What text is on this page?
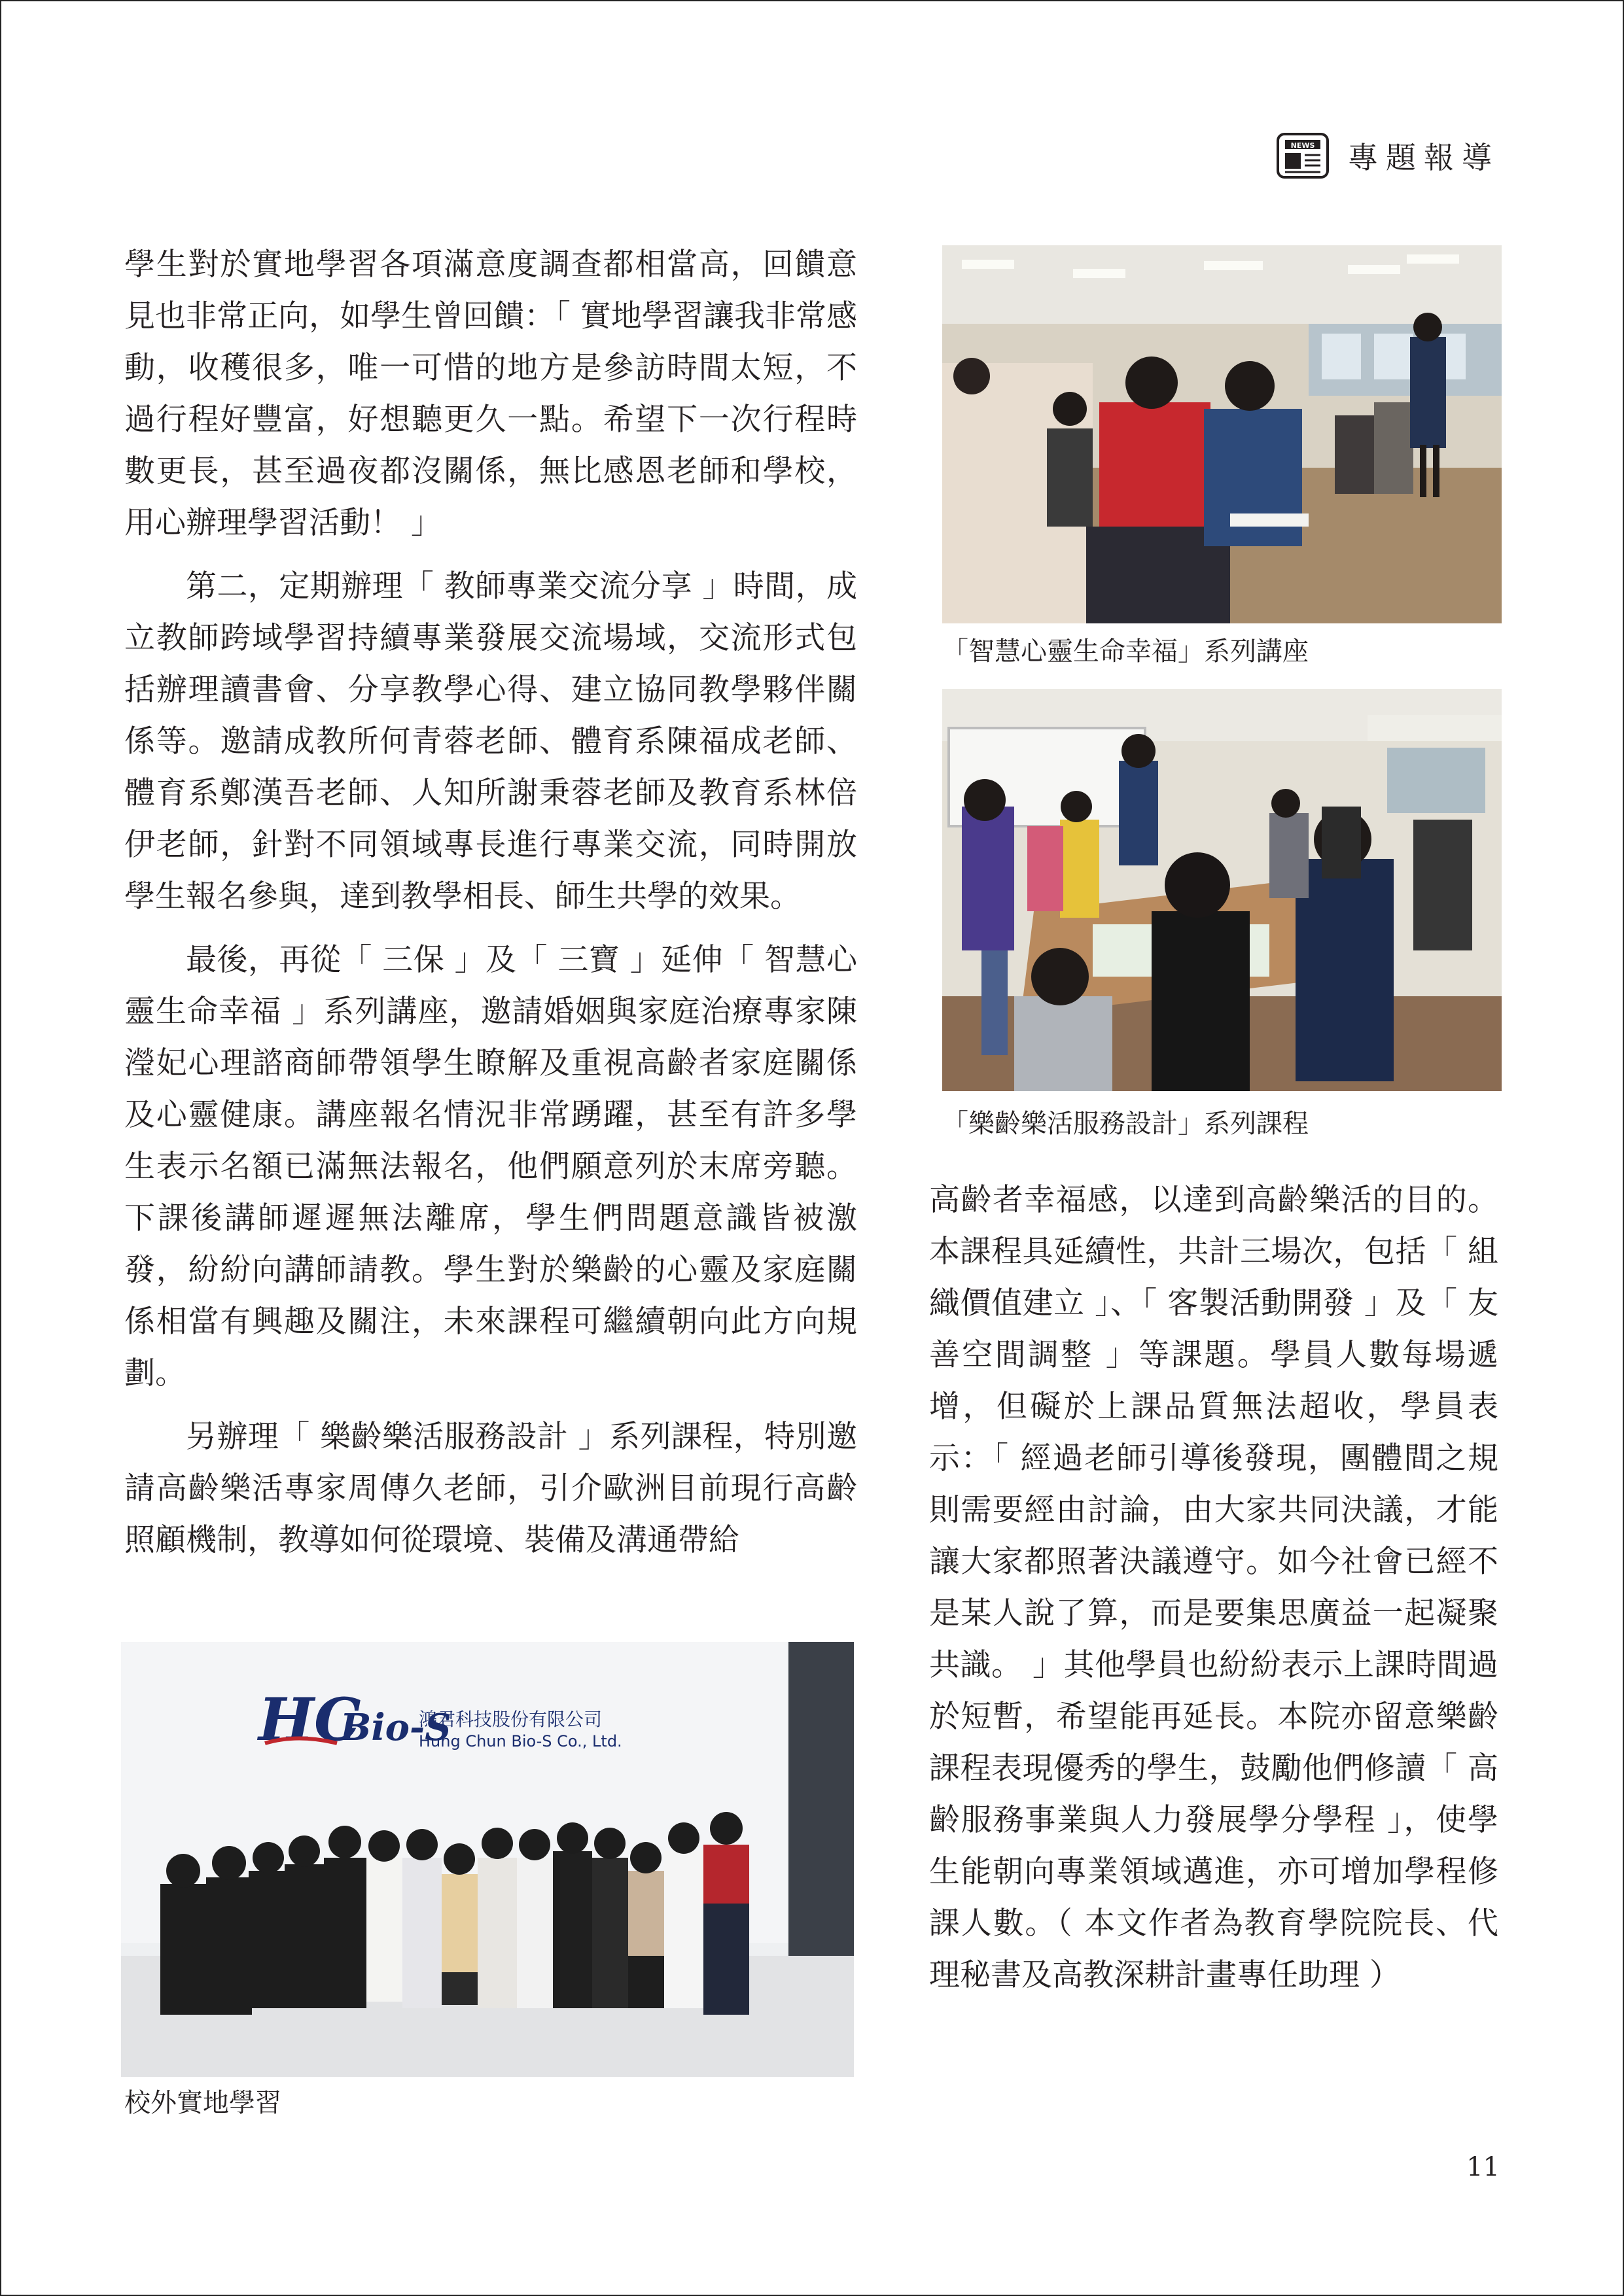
NEWS 專題報導

學生對於實地學習各項滿意度調查都相當高，回饋意見也非常正向，如學生曾回饋：「 實地學習讓我非常感動，收穫很多，唯一可惜的地方是參訪時間太短，不過行程好豐富，好想聽更久一點。希望下一次行程時數更長，甚至過夜都沒關係，無比感恩老師和學校，用心辦理學習活動！ 」

第二，定期辦理「 教師專業交流分享 」時間，成立教師跨域學習持續專業發展交流場域，交流形式包括辦理讀書會、分享教學心得、建立協同教學夥伴關係等。邀請成教所何青蓉老師、體育系陳福成老師、體育系鄭漢吾老師、人知所謝秉蓉老師及教育系林倍伊老師，針對不同領域專長進行專業交流，同時開放學生報名參與，達到教學相長、師生共學的效果。

最後，再從「 三保 」及「 三寶 」延伸「 智慧心靈生命幸福 」系列講座，邀請婚姻與家庭治療專家陳瀅妃心理諮商師帶領學生瞭解及重視高齡者家庭關係及心靈健康。講座報名情況非常踴躍，甚至有許多學生表示名額已滿無法報名，他們願意列於末席旁聽。下課後講師遲遲無法離席，學生們問題意識皆被激發，紛紛向講師請教。學生對於樂齡的心靈及家庭關係相當有興趣及關注，未來課程可繼續朝向此方向規劃。

另辦理「 樂齡樂活服務設計 」系列課程，特別邀請高齡樂活專家周傳久老師，引介歐洲目前現行高齡照顧機制，教導如何從環境、裝備及溝通帶給

「智慧心靈生命幸福」系列講座
「樂齡樂活服務設計」系列課程

高齡者幸福感，以達到高齡樂活的目的。本課程具延續性，共計三場次，包括「 組織價值建立 」、「 客製活動開發 」及「 友善空間調整 」等課題。學員人數每場遞增，但礙於上課品質無法超收，學員表示：「 經過老師引導後發現，團體間之規則需要經由討論，由大家共同決議，才能讓大家都照著決議遵守。如今社會已經不是某人說了算，而是要集思廣益一起凝聚共識。 」其他學員也紛紛表示上課時間過於短暫，希望能再延長。本院亦留意樂齡課程表現優秀的學生，鼓勵他們修讀「 高齡服務事業與人力發展學分學程 」，使學生能朝向專業領域邁進，亦可增加學程修課人數。（ 本文作者為教育學院院長、代理秘書及高教深耕計畫專任助理 ）

HC
Bio-S
鴻君科技股份有限公司
Hung Chun Bio-S Co., Ltd.
校外實地學習
11
